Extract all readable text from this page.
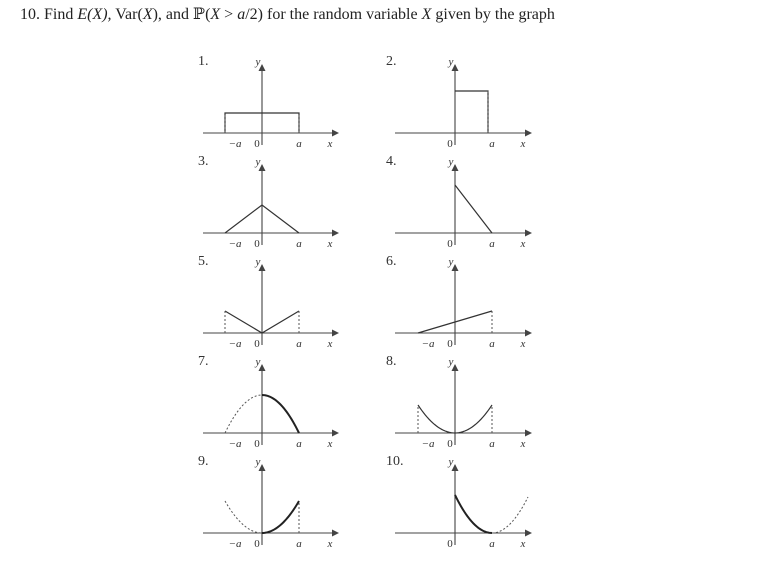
10. Find E(X), Var(X), and ℙ(X > a/2) for the random variable X given by the graph
1.	y
x
0	a
−a
2.	y
x
0	a
3.	y
x
0	a
−a
4.	y
x
0	a
5.	y
x
0	a
−a
6.	y
x
0	a
−a
7.	y
x
0	a
−a
8.	y
x
0	a
−a
9.	y
x
0	a
−a
10.	y
x
0	a
